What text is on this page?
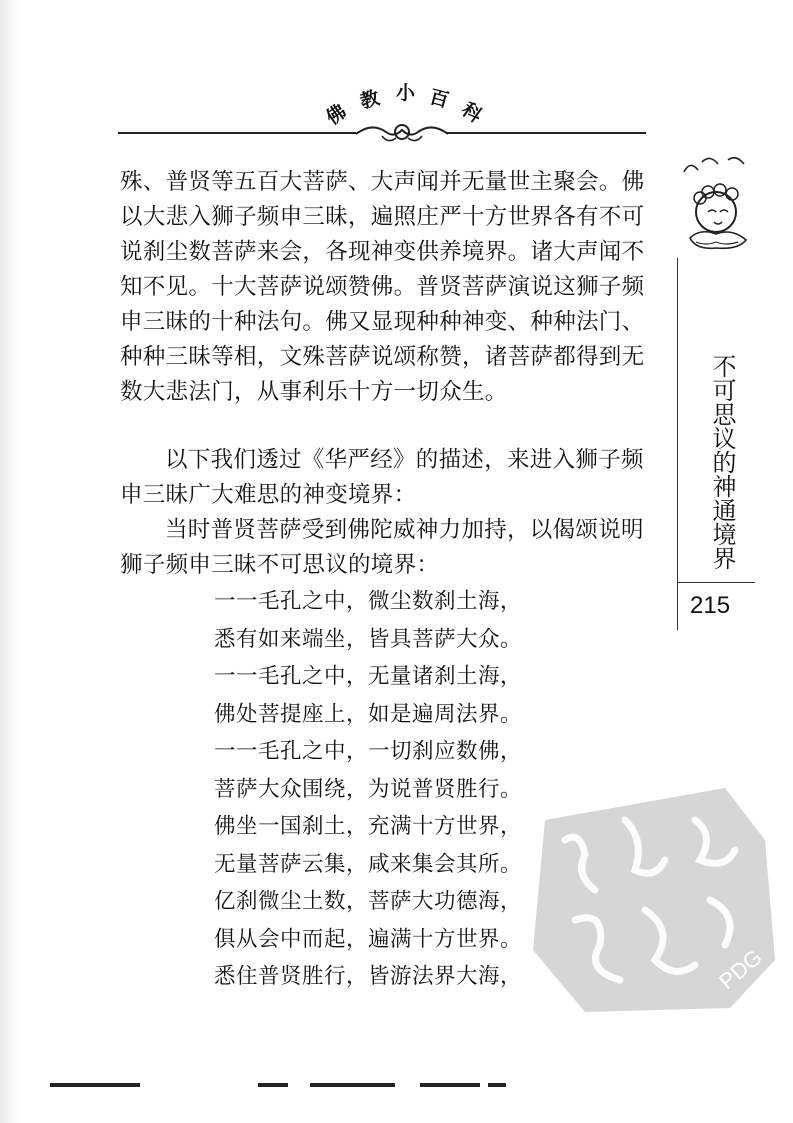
佛
教 小 百 科

殊、普贤等五百大菩萨、大声闻并无量世主聚会。佛以大悲入狮子频申三昧，遍照庄严十方世界各有不可说刹尘数菩萨来会，各现神变供养境界。诸大声闻不知不见。十大菩萨说颂赞佛。普贤菩萨演说这狮子频申三昧的十种法句。佛又显现种种神变、种种法门、种种三昧等相，文殊菩萨说颂称赞，诸菩萨都得到无数大悲法门，从事利乐十方一切众生。

以下我们透过《华严经》的描述，来进入狮子频申三昧广大难思的神变境界：

当时普贤菩萨受到佛陀威神力加持，以偈颂说明狮子频申三昧不可思议的境界：

一一毛孔之中，微尘数刹土海，
悉有如来端坐，皆具菩萨大众。
一一毛孔之中，无量诸刹土海，
佛处菩提座上，如是遍周法界。
一一毛孔之中，一切刹应数佛，
菩萨大众围绕，为说普贤胜行。
佛坐一国刹土，充满十方世界，
无量菩萨云集，咸来集会其所。
亿刹微尘土数，菩萨大功德海，
俱从会中而起，遍满十方世界。
悉住普贤胜行，皆游法界大海，
不可思议的神通境界
215
PDG
